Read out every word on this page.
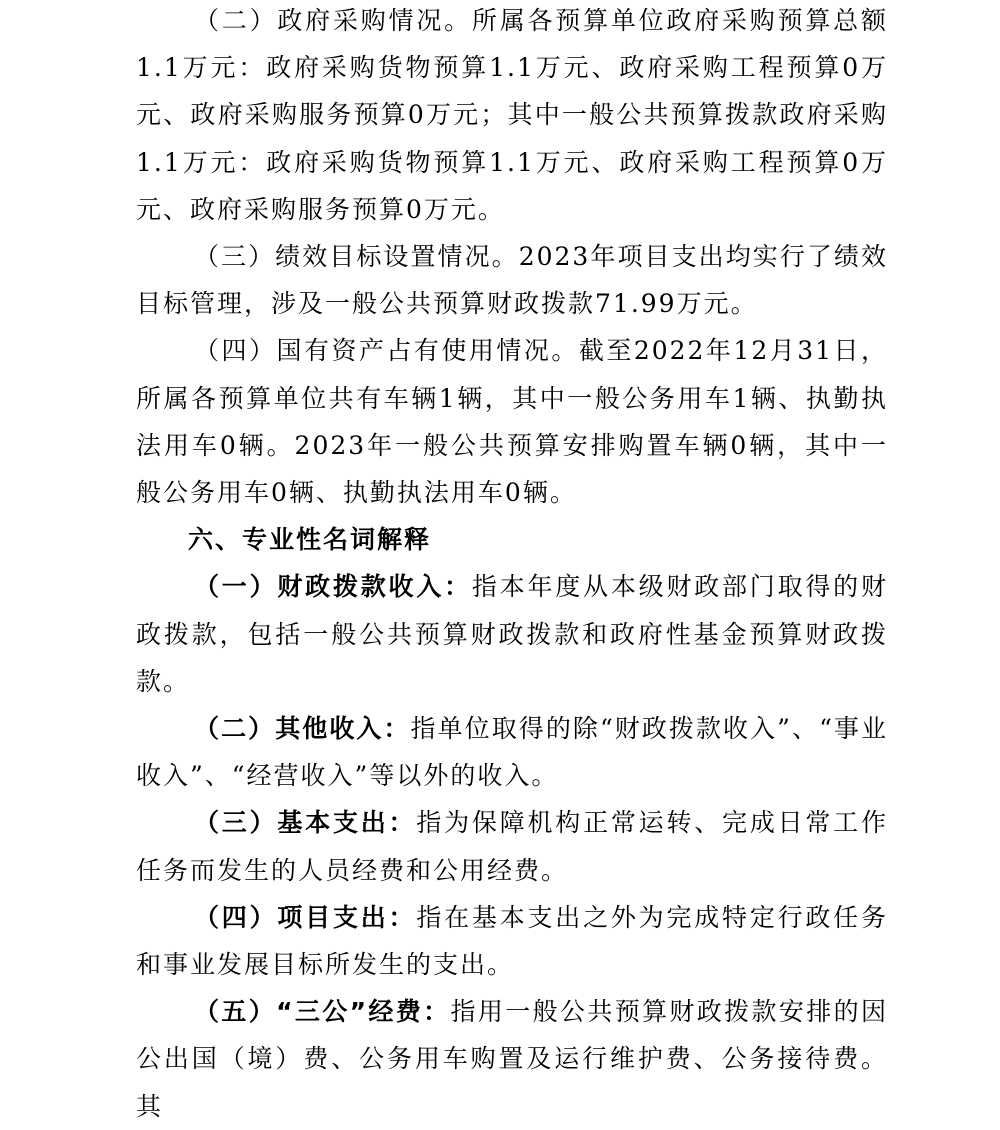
（二）政府采购情况。所属各预算单位政府采购预算总额1.1万元：政府采购货物预算1.1万元、政府采购工程预算0万元、政府采购服务预算0万元；其中一般公共预算拨款政府采购1.1万元：政府采购货物预算1.1万元、政府采购工程预算0万元、政府采购服务预算0万元。

（三）绩效目标设置情况。2023年项目支出均实行了绩效目标管理，涉及一般公共预算财政拨款71.99万元。

（四）国有资产占有使用情况。截至2022年12月31日，所属各预算单位共有车辆1辆，其中一般公务用车1辆、执勤执法用车0辆。2023年一般公共预算安排购置车辆0辆，其中一般公务用车0辆、执勤执法用车0辆。

六、专业性名词解释

（一）财政拨款收入：指本年度从本级财政部门取得的财政拨款，包括一般公共预算财政拨款和政府性基金预算财政拨款。

（二）其他收入：指单位取得的除“财政拨款收入”、“事业收入”、“经营收入”等以外的收入。

（三）基本支出：指为保障机构正常运转、完成日常工作任务而发生的人员经费和公用经费。

（四）项目支出：指在基本支出之外为完成特定行政任务和事业发展目标所发生的支出。

（五）“三公”经费：指用一般公共预算财政拨款安排的因公出国（境）费、公务用车购置及运行维护费、公务接待费。其
